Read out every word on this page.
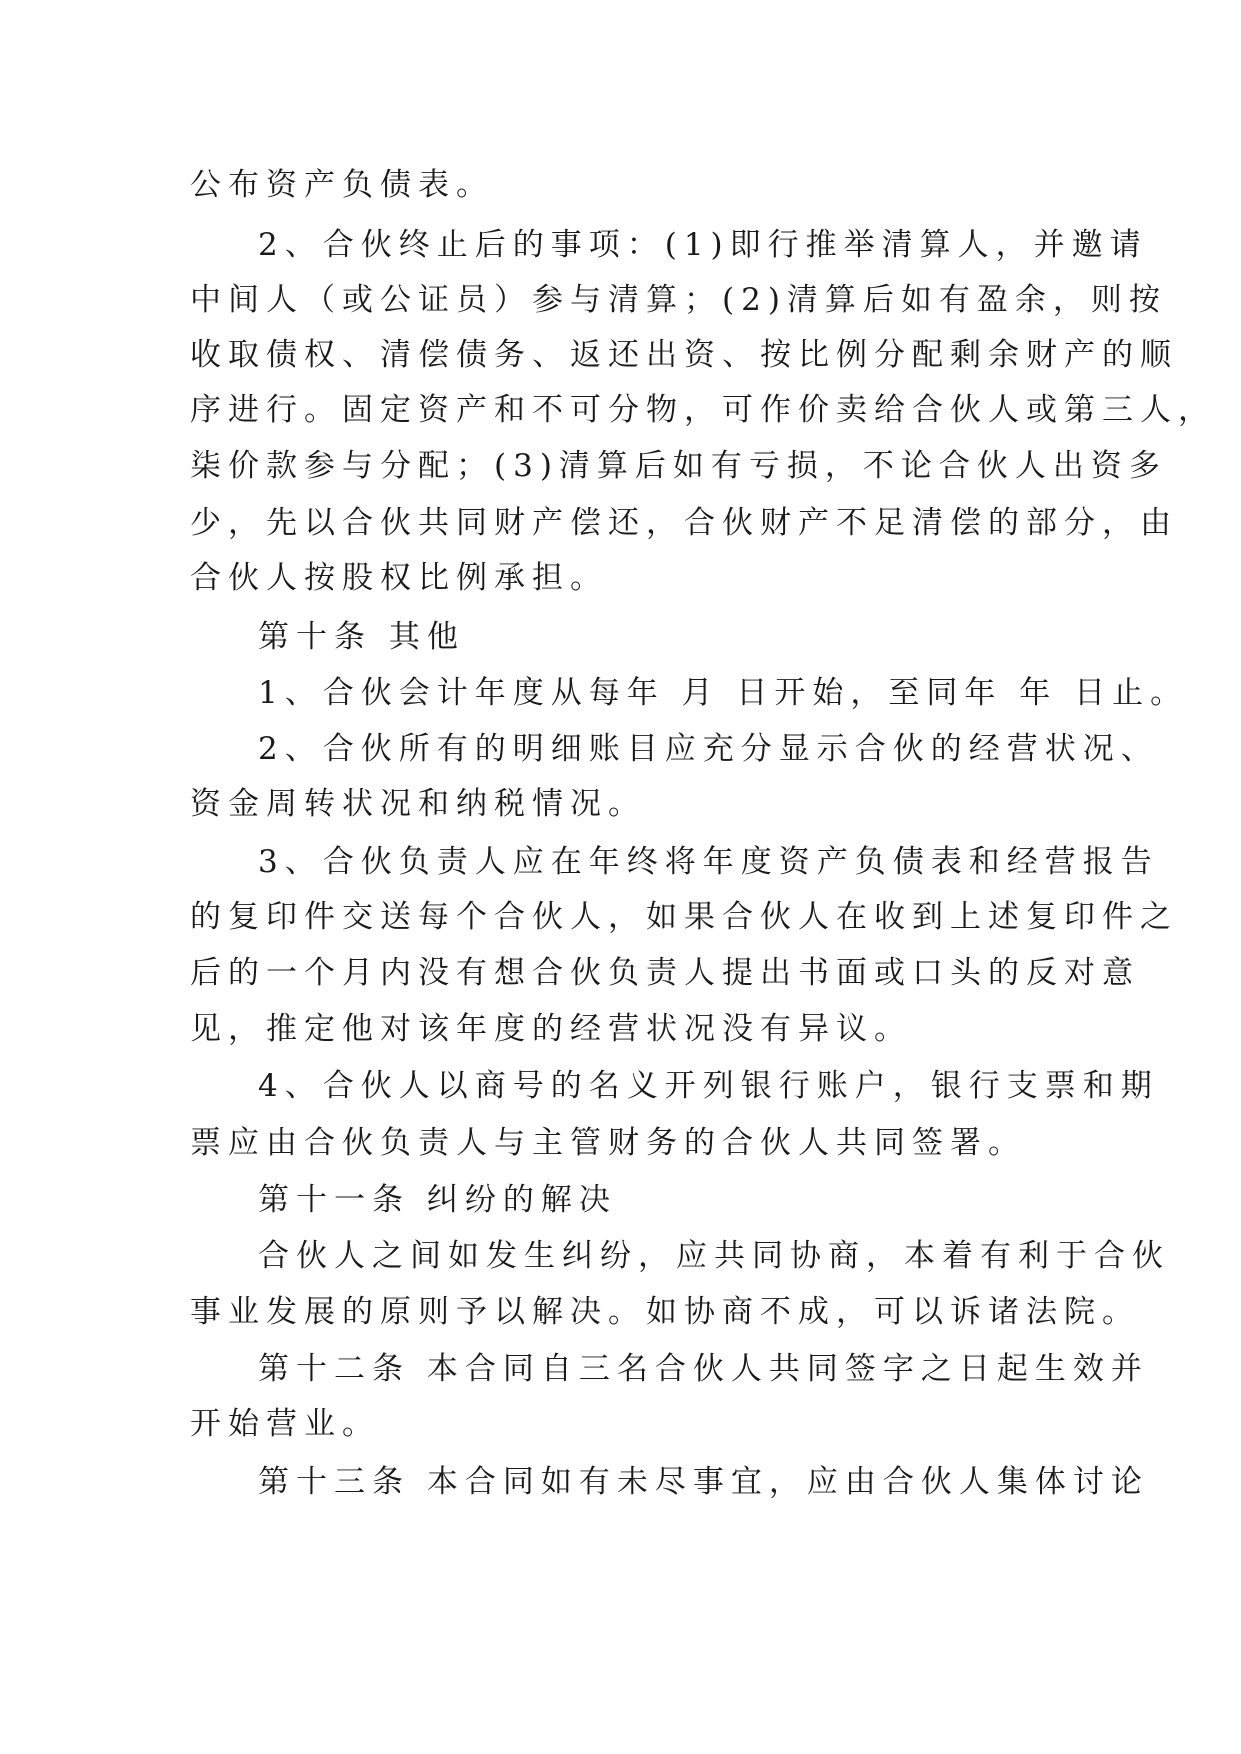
公布资产负债表。
2、合伙终止后的事项：(1)即行推举清算人，并邀请
中间人（或公证员）参与清算；(2)清算后如有盈余，则按
收取债权、清偿债务、返还出资、按比例分配剩余财产的顺
序进行。固定资产和不可分物，可作价卖给合伙人或第三人，
柒价款参与分配；(3)清算后如有亏损，不论合伙人出资多
少，先以合伙共同财产偿还，合伙财产不足清偿的部分，由
合伙人按股权比例承担。
第十条 其他
1、合伙会计年度从每年 月 日开始，至同年 年 日止。
2、合伙所有的明细账目应充分显示合伙的经营状况、
资金周转状况和纳税情况。
3、合伙负责人应在年终将年度资产负债表和经营报告
的复印件交送每个合伙人，如果合伙人在收到上述复印件之
后的一个月内没有想合伙负责人提出书面或口头的反对意
见，推定他对该年度的经营状况没有异议。
4、合伙人以商号的名义开列银行账户，银行支票和期
票应由合伙负责人与主管财务的合伙人共同签署。
第十一条 纠纷的解决
合伙人之间如发生纠纷，应共同协商，本着有利于合伙
事业发展的原则予以解决。如协商不成，可以诉诸法院。
第十二条 本合同自三名合伙人共同签字之日起生效并
开始营业。
第十三条 本合同如有未尽事宜，应由合伙人集体讨论
